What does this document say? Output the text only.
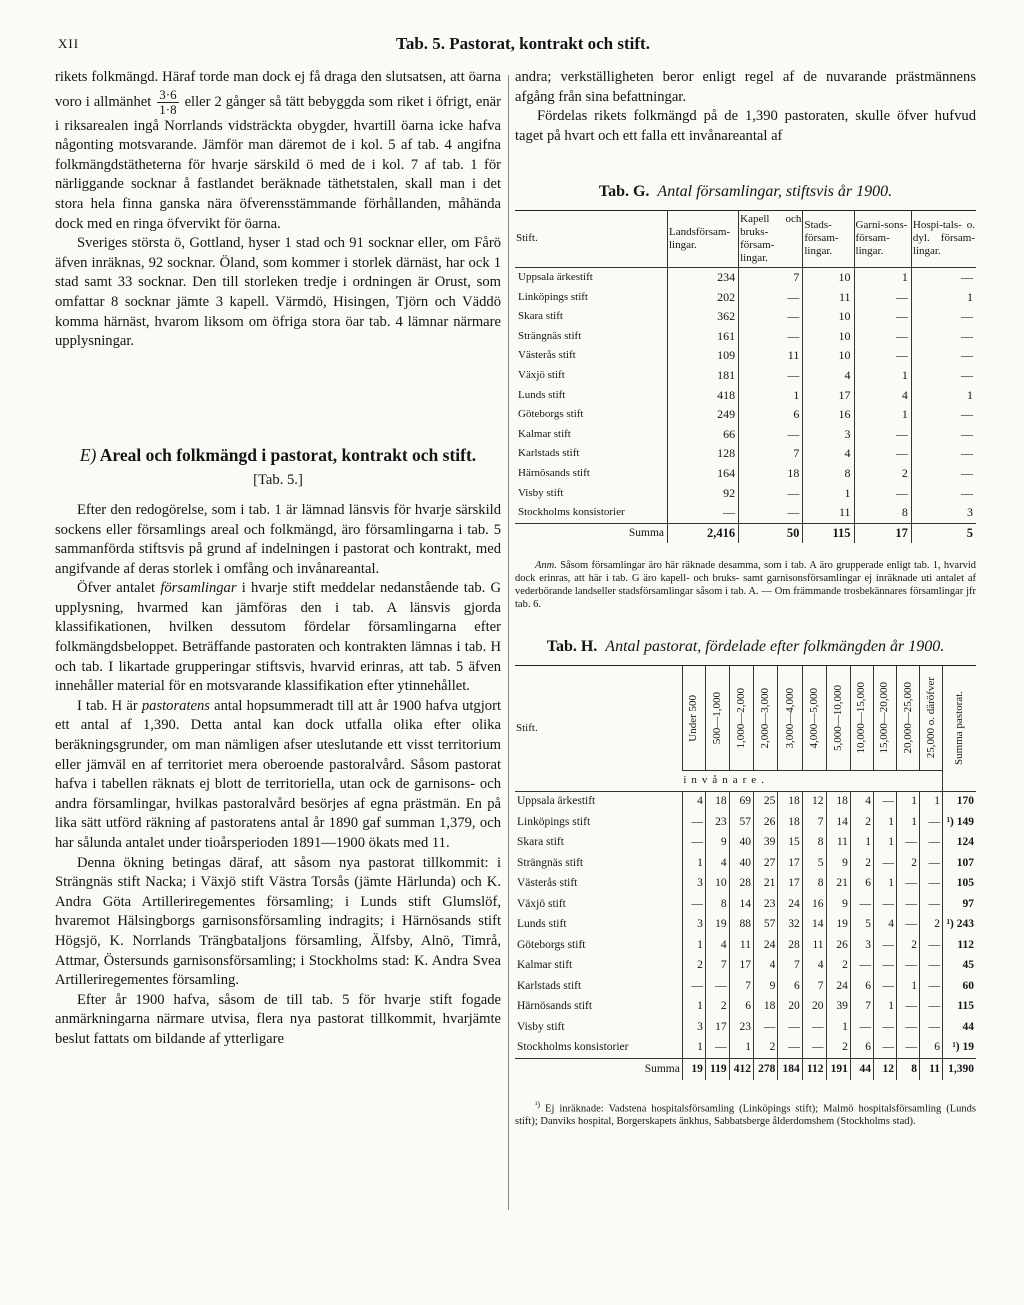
XII	Tab. 5. Pastorat, kontrakt och stift.

rikets folkmängd. Häraf torde man dock ej få draga den slutsatsen, att öarna voro i allmänhet $\frac{3\cdot 6}{1\cdot 8}$ eller 2 gånger så tätt bebyggda som riket i öfrigt, enär i riksarealen ingå Norrlands vidsträckta obygder, hvartill öarna icke hafva någonting motsvarande. Jämför man däremot de i kol. 5 af tab. 4 angifna folkmängdstätheterna för hvarje särskild ö med de i kol. 7 af tab. 1 för närliggande socknar å fastlandet beräknade täthetstalen, skall man i det stora hela finna ganska nära öfverensstämmande förhållanden, måhända dock med en ringa öfvervikt för öarna.

Sveriges största ö, Gottland, hyser 1 stad och 91 socknar eller, om Fårö äfven inräknas, 92 socknar. Öland, som kommer i storlek därnäst, har ock 1 stad samt 33 socknar. Den till storleken tredje i ordningen är Orust, som omfattar 8 socknar jämte 3 kapell. Värmdö, Hisingen, Tjörn och Väddö komma härnäst, hvarom liksom om öfriga stora öar tab. 4 lämnar närmare upplysningar.

E) Areal och folkmängd i pastorat, kontrakt och stift.
[Tab. 5.]

Efter den redogörelse, som i tab. 1 är lämnad länsvis för hvarje särskild sockens eller församlings areal och folkmängd, äro församlingarna i tab. 5 sammanförda stiftsvis på grund af indelningen i pastorat och kontrakt, med angifvande af deras storlek i omfång och invånareantal.

Öfver antalet församlingar i hvarje stift meddelar nedanstående tab. G upplysning, hvarmed kan jämföras den i tab. A länsvis gjorda klassifikationen, hvilken dessutom fördelar församlingarna efter folkmängdsbeloppet. Beträffande pastoraten och kontrakten lämnas i tab. H och tab. I likartade grupperingar stiftsvis, hvarvid erinras, att tab. 5 äfven innehåller material för en motsvarande klassifikation efter ytinnehållet.

I tab. H är pastoratens antal hopsummeradt till att år 1900 hafva utgjort ett antal af 1,390. Detta antal kan dock utfalla olika efter olika beräkningsgrunder, om man nämligen afser uteslutande ett visst territorium eller jämväl en af territoriet mera oberoende pastoralvård. Såsom pastorat hafva i tabellen räknats ej blott de territoriella, utan ock de garnisons- och andra församlingar, hvilkas pastoralvård besörjes af egna prästmän. En på lika sätt utförd räkning af pastoratens antal år 1890 gaf summan 1,379, och har sålunda antalet under tioårsperioden 1891—1900 ökats med 11.

Denna ökning betingas däraf, att såsom nya pastorat tillkommit: i Strängnäs stift Nacka; i Växjö stift Västra Torsås (jämte Härlunda) och K. Andra Göta Artilleriregementes församling; i Lunds stift Glumslöf, hvaremot Hälsingborgs garnisonsförsamling indragits; i Härnösands stift Högsjö, K. Norrlands Trängbataljons församling, Älfsby, Alnö, Timrå, Attmar, Östersunds garnisonsförsamling; i Stockholms stad: K. Andra Svea Artilleriregementes församling.

Efter år 1900 hafva, såsom de till tab. 5 för hvarje stift fogade anmärkningarna närmare utvisa, flera nya pastorat tillkommit, hvarjämte beslut fattats om bildande af ytterligare

andra; verkställigheten beror enligt regel af de nuvarande prästmännens afgång från sina befattningar.

Fördelas rikets folkmängd på de 1,390 pastoraten, skulle öfver hufvud taget på hvart och ett falla ett invånareantal af

Tab. G. Antal församlingar, stiftsvis år 1900.
Stift.	Landsförsam-lingar.	Kapell och bruks-försam-lingar.	Stads-försam-lingar.	Garni-sons-försam-lingar.	Hospi-tals- o. dyl. försam-lingar.
Uppsala ärkestift	234	7	10	1	—
Linköpings stift	202	—	11	—	1
Skara stift	362	—	10	—	—
Strängnäs stift	161	—	10	—	—
Västerås stift	109	11	10	—	—
Växjö stift	181	—	4	1	—
Lunds stift	418	1	17	4	1
Göteborgs stift	249	6	16	1	—
Kalmar stift	66	—	3	—	—
Karlstads stift	128	7	4	—	—
Härnösands stift	164	18	8	2	—
Visby stift	92	—	1	—	—
Stockholms konsistorier	—	—	11	8	3
Summa	2,416	50	115	17	5
Anm. Såsom församlingar äro här räknade desamma, som i tab. A äro grupperade enligt tab. 1, hvarvid dock erinras, att här i tab. G äro kapell- och bruks- samt garnisonsförsamlingar ej inräknade uti antalet af vederbörande landseller stadsförsamlingar såsom i tab. A. — Om främmande trosbekännares församlingar jfr tab. 6.
Tab. H. Antal pastorat, fördelade efter folkmängden år 1900.
Stift.	Under 500	500—1,000	1,000—2,000	2,000—3,000	3,000—4,000	4,000—5,000	5,000—10,000	10,000—15,000	15,000—20,000	20,000—25,000	25,000 o. däröfver	Summa pastorat.

	invånare.											
Uppsala ärkestift	4	18	69	25	18	12	18	4	—	1	1	170
Linköpings stift	—	23	57	26	18	7	14	2	1	1	—	¹) 149
Skara stift	—	9	40	39	15	8	11	1	1	—	—	124
Strängnäs stift	1	4	40	27	17	5	9	2	—	2	—	107
Västerås stift	3	10	28	21	17	8	21	6	1	—	—	105
Växjö stift	—	8	14	23	24	16	9	—	—	—	—	97
Lunds stift	3	19	88	57	32	14	19	5	4	—	2	¹) 243
Göteborgs stift	1	4	11	24	28	11	26	3	—	2	—	112
Kalmar stift	2	7	17	4	7	4	2	—	—	—	—	45
Karlstads stift	—	—	7	9	6	7	24	6	—	1	—	60
Härnösands stift	1	2	6	18	20	20	39	7	1	—	—	115
Visby stift	3	17	23	—	—	—	1	—	—	—	—	44
Stockholms konsistorier	1	—	1	2	—	—	2	6	—	—	6	¹) 19
Summa	19	119	412	278	184	112	191	44	12	8	11	1,390
$^{^1)}$ Ej inräknade: Vadstena hospitalsförsamling (Linköpings stift); Malmö hospitalsförsamling (Lunds stift); Danviks hospital, Borgerskapets änkhus, Sabbatsberge ålderdomshem (Stockholms stad).
